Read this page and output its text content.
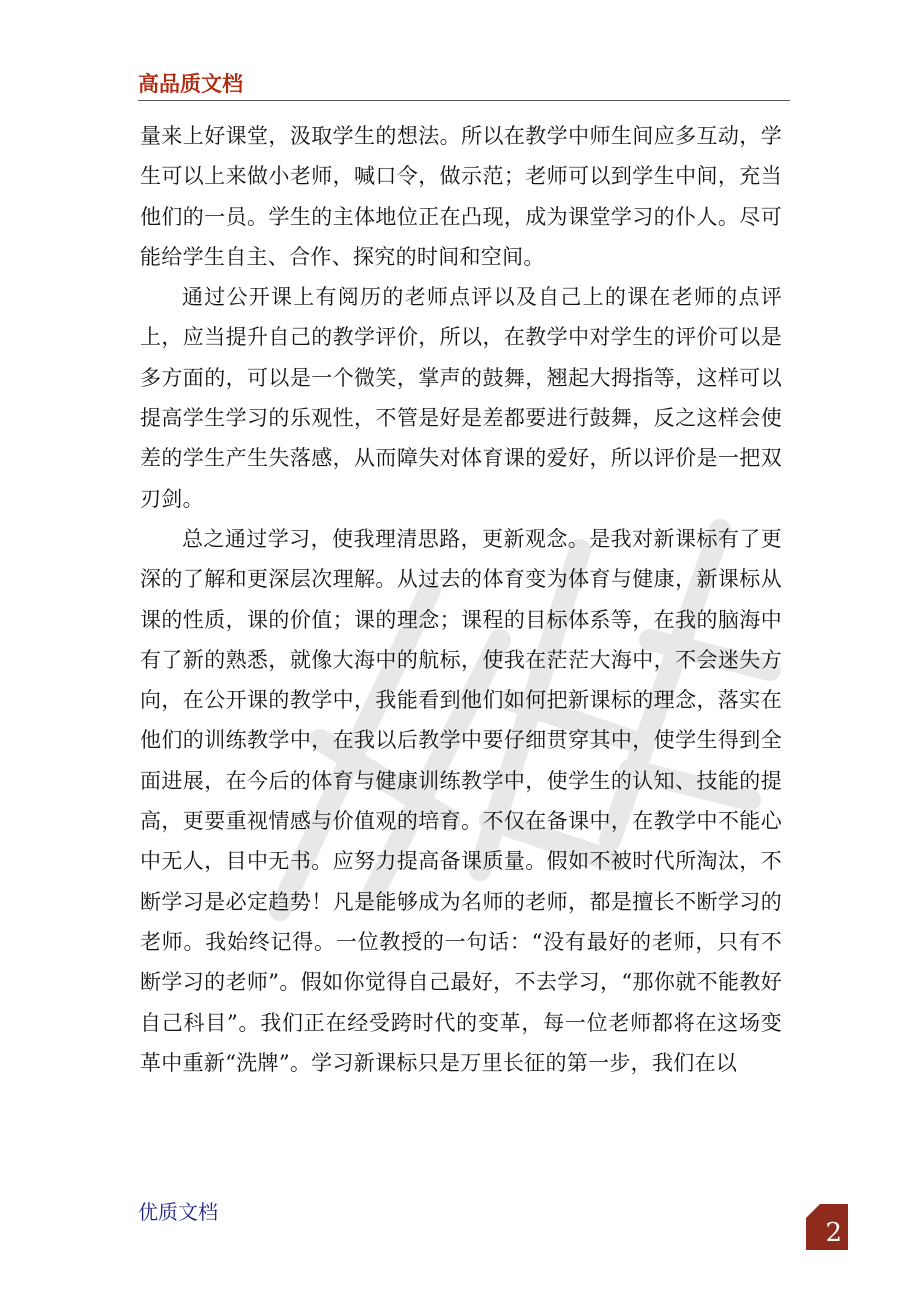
高品质文档

量来上好课堂，汲取学生的想法。所以在教学中师生间应多互动，学生可以上来做小老师，喊口令，做示范；老师可以到学生中间，充当他们的一员。学生的主体地位正在凸现，成为课堂学习的仆人。尽可能给学生自主、合作、探究的时间和空间。

通过公开课上有阅历的老师点评以及自己上的课在老师的点评上，应当提升自己的教学评价，所以，在教学中对学生的评价可以是多方面的，可以是一个微笑，掌声的鼓舞，翘起大拇指等，这样可以提高学生学习的乐观性，不管是好是差都要进行鼓舞，反之这样会使差的学生产生失落感，从而障失对体育课的爱好，所以评价是一把双刃剑。

总之通过学习，使我理清思路，更新观念。是我对新课标有了更深的了解和更深层次理解。从过去的体育变为体育与健康，新课标从课的性质，课的价值；课的理念；课程的目标体系等，在我的脑海中有了新的熟悉，就像大海中的航标，使我在茫茫大海中，不会迷失方向，在公开课的教学中，我能看到他们如何把新课标的理念，落实在他们的训练教学中，在我以后教学中要仔细贯穿其中，使学生得到全面进展，在今后的体育与健康训练教学中，使学生的认知、技能的提高，更要重视情感与价值观的培育。不仅在备课中，在教学中不能心中无人，目中无书。应努力提高备课质量。假如不被时代所淘汰，不断学习是必定趋势！凡是能够成为名师的老师，都是擅长不断学习的老师。我始终记得。一位教授的一句话：“没有最好的老师，只有不断学习的老师”。假如你觉得自己最好，不去学习，“那你就不能教好自己科目”。我们正在经受跨时代的变革，每一位老师都将在这场变革中重新“洗牌”。学习新课标只是万里长征的第一步，我们在以

优质文档
2
